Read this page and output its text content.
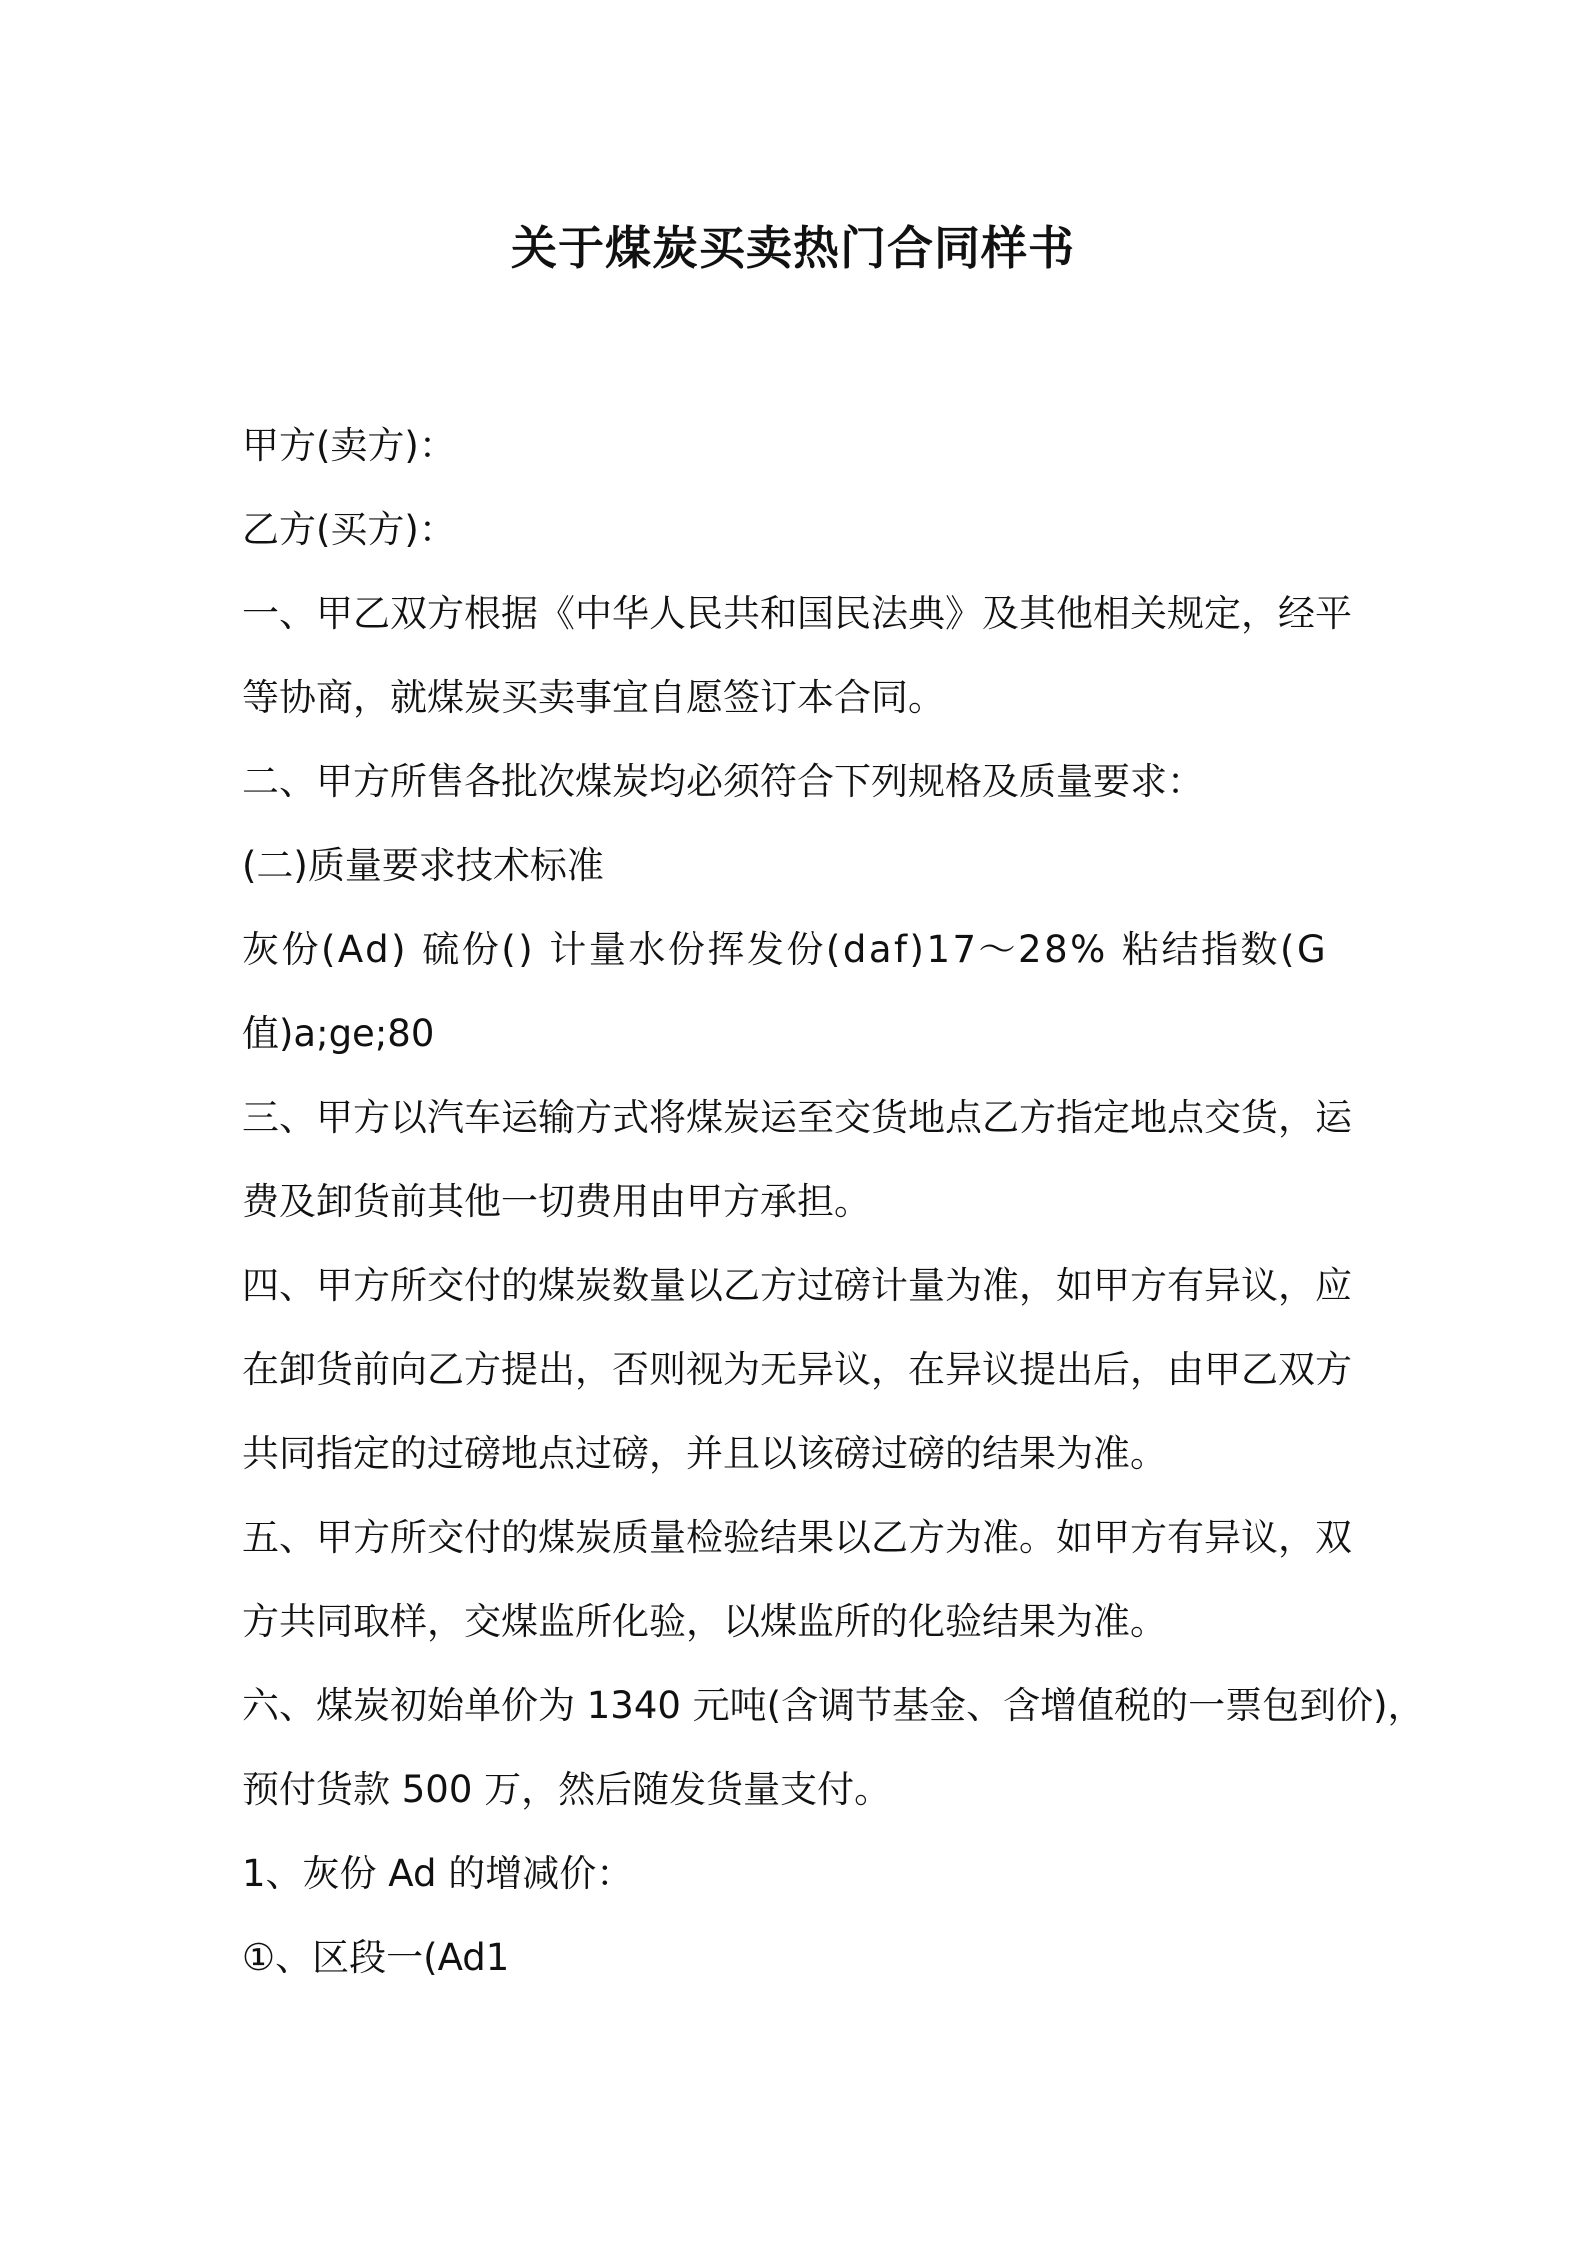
关于煤炭买卖热门合同样书

甲方(卖方)：

乙方(买方)：

一、甲乙双方根据《中华人民共和国民法典》及其他相关规定，经平

等协商，就煤炭买卖事宜自愿签订本合同。

二、甲方所售各批次煤炭均必须符合下列规格及质量要求：

(二)质量要求技术标准

灰份(Ad) 硫份() 计量水份挥发份(daf)17～28% 粘结指数(G

值)a;ge;80

三、甲方以汽车运输方式将煤炭运至交货地点乙方指定地点交货，运

费及卸货前其他一切费用由甲方承担。

四、甲方所交付的煤炭数量以乙方过磅计量为准，如甲方有异议，应

在卸货前向乙方提出，否则视为无异议，在异议提出后，由甲乙双方

共同指定的过磅地点过磅，并且以该磅过磅的结果为准。

五、甲方所交付的煤炭质量检验结果以乙方为准。如甲方有异议，双

方共同取样，交煤监所化验，以煤监所的化验结果为准。

六、煤炭初始单价为 1340 元吨(含调节基金、含增值税的一票包到价)，

预付货款 500 万，然后随发货量支付。

1、灰份 Ad 的增减价：

①、区段一(Ad1
